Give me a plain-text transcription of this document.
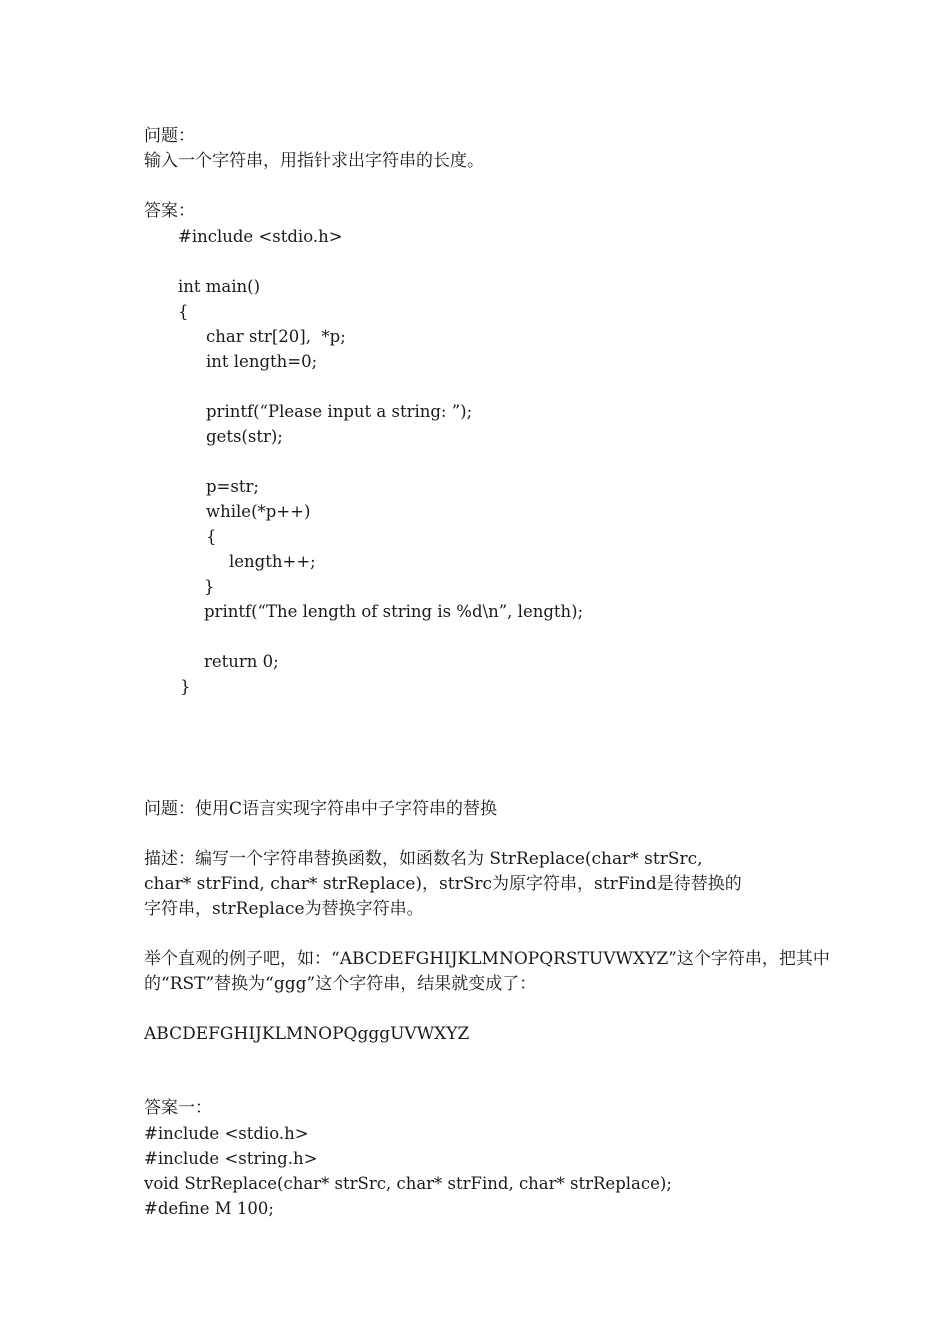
问题：
输入一个字符串，用指针求出字符串的长度。
答案：
#include <stdio.h>
int main()
{
char str[20],  *p;
int length=0;
printf(“Please input a string: ”);
gets(str);
p=str;
while(*p++)
{
length++;
}
printf(“The length of string is %d\n”, length);
return 0;
}
问题：使用C语言实现字符串中子字符串的替换
描述：编写一个字符串替换函数，如函数名为 StrReplace(char* strSrc,
char* strFind, char* strReplace)，strSrc为原字符串，strFind是待替换的
字符串，strReplace为替换字符串。
举个直观的例子吧，如：“ABCDEFGHIJKLMNOPQRSTUVWXYZ”这个字符串，把其中
的“RST”替换为“ggg”这个字符串，结果就变成了：
ABCDEFGHIJKLMNOPQgggUVWXYZ
答案一：
#include <stdio.h>
#include <string.h>
void StrReplace(char* strSrc, char* strFind, char* strReplace);
#define M 100;
